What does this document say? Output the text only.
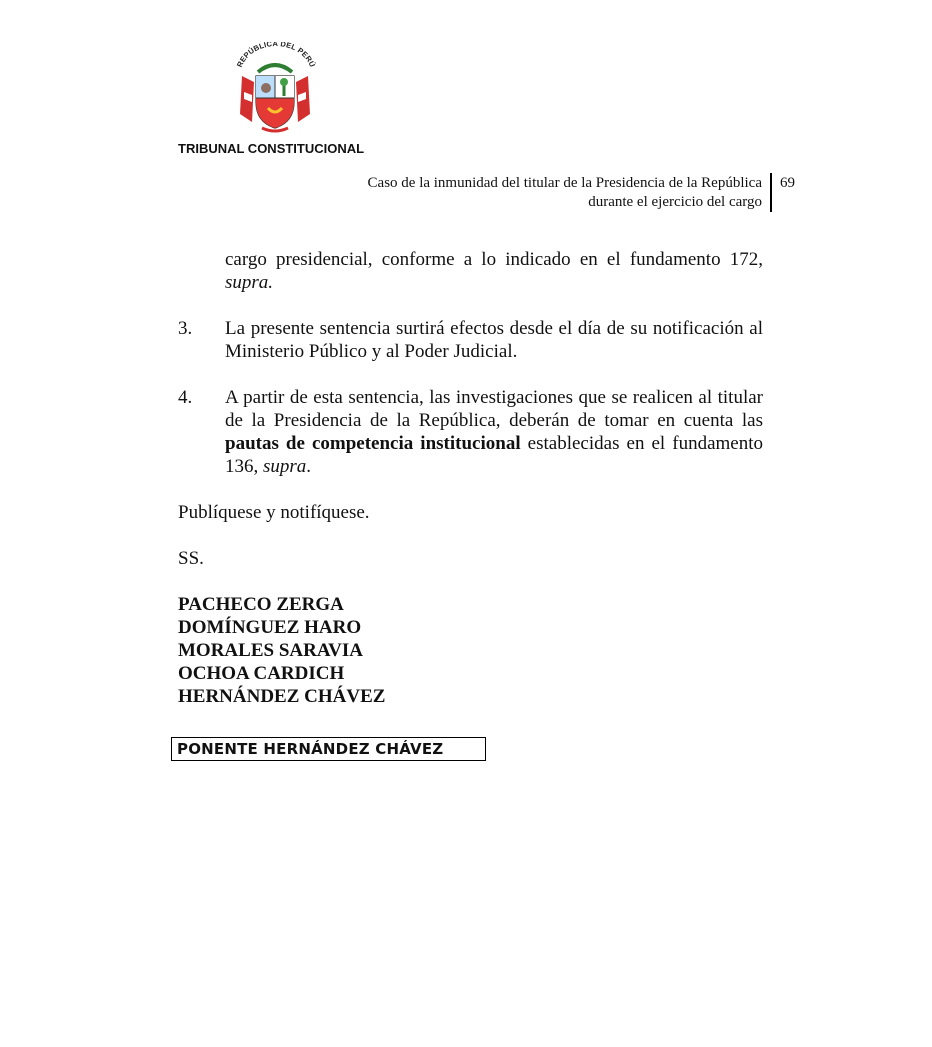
REPÚBLICA DEL PERÚ
TRIBUNAL CONSTITUCIONAL
Caso de la inmunidad del titular de la Presidencia de la República
durante el ejercicio del cargo
69
cargo presidencial, conforme a lo indicado en el fundamento 172, supra.
3.	La presente sentencia surtirá efectos desde el día de su notificación al Ministerio Público y al Poder Judicial.
4.	A partir de esta sentencia, las investigaciones que se realicen al titular de la Presidencia de la República, deberán de tomar en cuenta las pautas de competencia institucional establecidas en el fundamento 136, supra.
Publíquese y notifíquese.
SS.
PACHECO ZERGA
DOMÍNGUEZ HARO
MORALES SARAVIA
OCHOA CARDICH
HERNÁNDEZ CHÁVEZ
PONENTE HERNÁNDEZ CHÁVEZ
